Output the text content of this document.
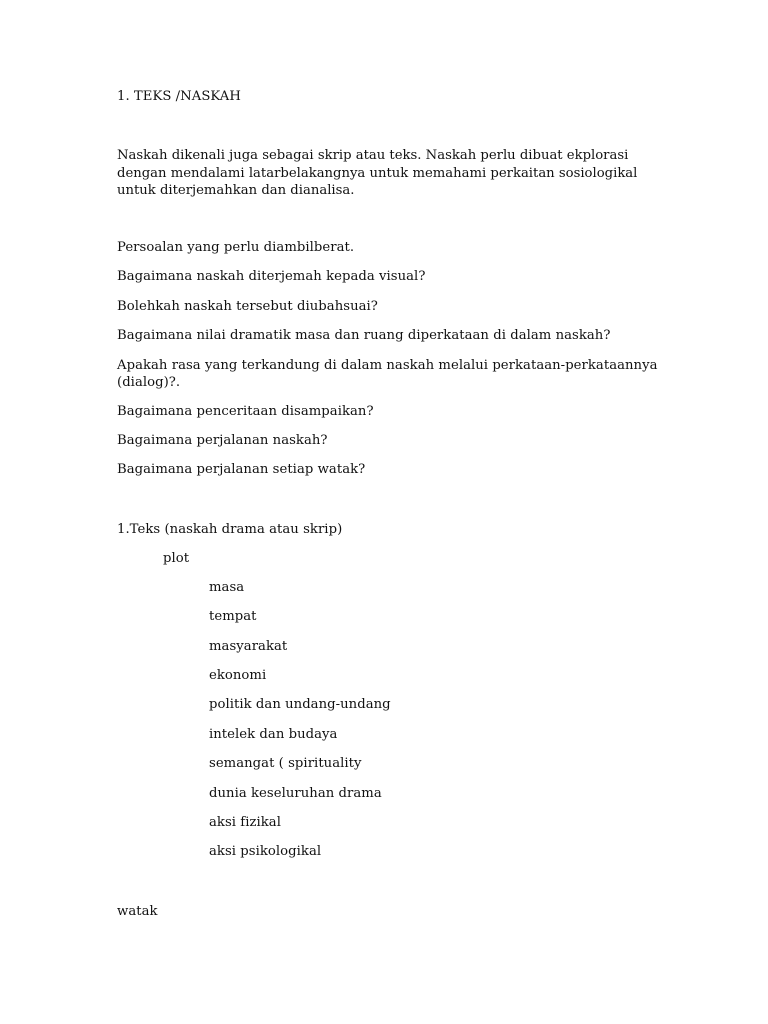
1. TEKS /NASKAH
Naskah dikenali juga sebagai skrip atau teks. Naskah perlu dibuat ekplorasi
dengan mendalami latarbelakangnya untuk memahami perkaitan sosiologikal
untuk diterjemahkan dan dianalisa.
Persoalan yang perlu diambilberat.
Bagaimana naskah diterjemah kepada visual?
Bolehkah naskah tersebut diubahsuai?
Bagaimana nilai dramatik masa dan ruang diperkataan di dalam naskah?
Apakah rasa yang terkandung di dalam naskah melalui perkataan-perkataannya
(dialog)?.
Bagaimana penceritaan disampaikan?
Bagaimana perjalanan naskah?
Bagaimana perjalanan setiap watak?
1.Teks (naskah drama atau skrip)
plot
masa
tempat
masyarakat
ekonomi
politik dan undang-undang
intelek dan budaya
semangat ( spirituality
dunia keseluruhan drama
aksi fizikal
aksi psikologikal
watak
